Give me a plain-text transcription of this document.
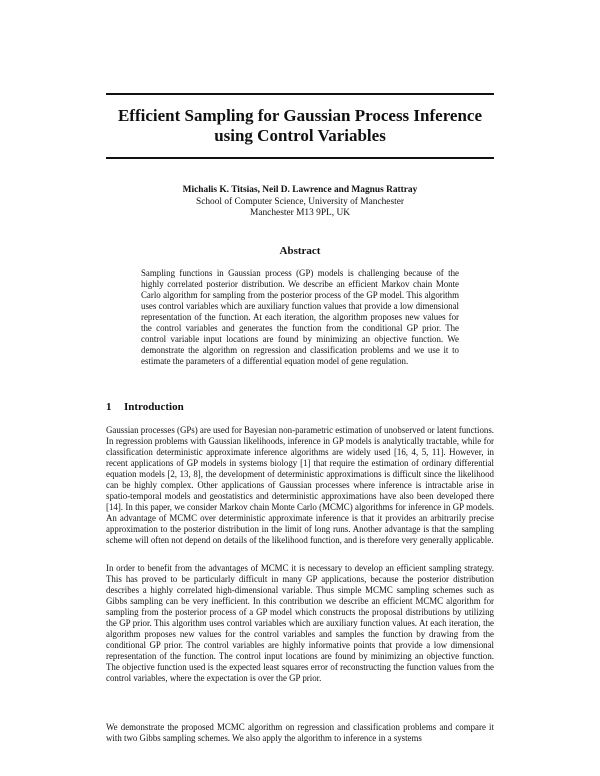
Efficient Sampling for Gaussian Process Inference
using Control Variables
Michalis K. Titsias, Neil D. Lawrence and Magnus Rattray
School of Computer Science, University of Manchester
Manchester M13 9PL, UK
Abstract
Sampling functions in Gaussian process (GP) models is challenging because of the highly correlated posterior distribution. We describe an efficient Markov chain Monte Carlo algorithm for sampling from the posterior process of the GP model. This algorithm uses control variables which are auxiliary function values that provide a low dimensional representation of the function. At each iteration, the algorithm proposes new values for the control variables and generates the function from the conditional GP prior. The control variable input locations are found by minimizing an objective function. We demonstrate the algorithm on regression and classification problems and we use it to estimate the parameters of a differential equation model of gene regulation.
1 Introduction

Gaussian processes (GPs) are used for Bayesian non-parametric estimation of unobserved or latent functions. In regression problems with Gaussian likelihoods, inference in GP models is analytically tractable, while for classification deterministic approximate inference algorithms are widely used [16, 4, 5, 11]. However, in recent applications of GP models in systems biology [1] that require the estimation of ordinary differential equation models [2, 13, 8], the development of deterministic approximations is difficult since the likelihood can be highly complex. Other applications of Gaussian processes where inference is intractable arise in spatio-temporal models and geostatistics and deterministic approximations have also been developed there [14]. In this paper, we consider Markov chain Monte Carlo (MCMC) algorithms for inference in GP models. An advantage of MCMC over deterministic approximate inference is that it provides an arbitrarily precise approximation to the posterior distribution in the limit of long runs. Another advantage is that the sampling scheme will often not depend on details of the likelihood function, and is therefore very generally applicable.

In order to benefit from the advantages of MCMC it is necessary to develop an efficient sampling strategy. This has proved to be particularly difficult in many GP applications, because the posterior distribution describes a highly correlated high-dimensional variable. Thus simple MCMC sampling schemes such as Gibbs sampling can be very inefficient. In this contribution we describe an efficient MCMC algorithm for sampling from the posterior process of a GP model which constructs the proposal distributions by utilizing the GP prior. This algorithm uses control variables which are auxiliary function values. At each iteration, the algorithm proposes new values for the control variables and samples the function by drawing from the conditional GP prior. The control variables are highly informative points that provide a low dimensional representation of the function. The control input locations are found by minimizing an objective function. The objective function used is the expected least squares error of reconstructing the function values from the control variables, where the expectation is over the GP prior.

We demonstrate the proposed MCMC algorithm on regression and classification problems and compare it with two Gibbs sampling schemes. We also apply the algorithm to inference in a systems
